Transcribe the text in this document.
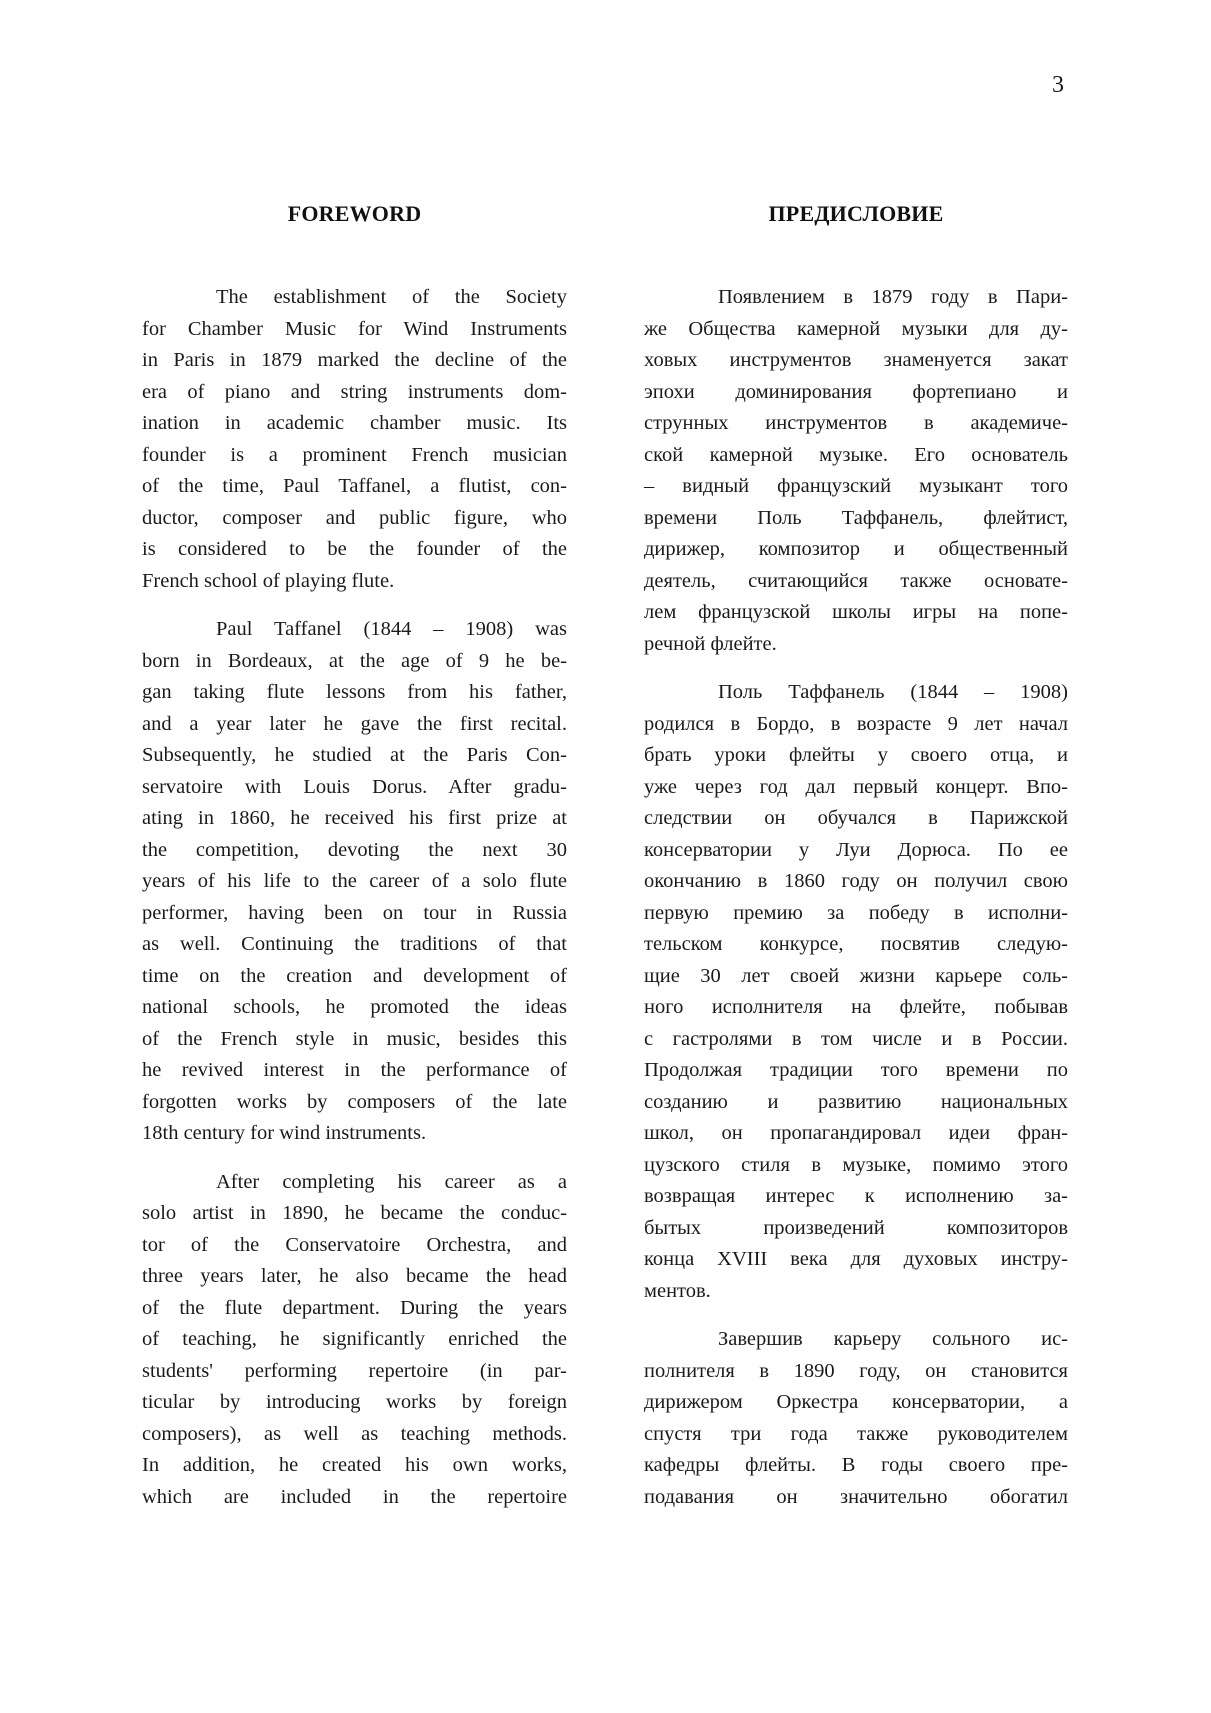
3
FOREWORD	ПРЕДИСЛОВИЕ
The establishment of the Society
for Chamber Music for Wind Instruments
in Paris in 1879 marked the decline of the
era of piano and string instruments dom-
ination in academic chamber music. Its
founder is a prominent French musician
of the time, Paul Taffanel, a flutist, con-
ductor, composer and public figure, who
is considered to be the founder of the
French school of playing flute.
Paul Taffanel (1844 – 1908) was
born in Bordeaux, at the age of 9 he be-
gan taking flute lessons from his father,
and a year later he gave the first recital.
Subsequently, he studied at the Paris Con-
servatoire with Louis Dorus. After gradu-
ating in 1860, he received his first prize at
the competition, devoting the next 30
years of his life to the career of a solo flute
performer, having been on tour in Russia
as well. Continuing the traditions of that
time on the creation and development of
national schools, he promoted the ideas
of the French style in music, besides this
he revived interest in the performance of
forgotten works by composers of the late
18th century for wind instruments.
After completing his career as a
solo artist in 1890, he became the conduc-
tor of the Conservatoire Orchestra, and
three years later, he also became the head
of the flute department. During the years
of teaching, he significantly enriched the
students' performing repertoire (in par-
ticular by introducing works by foreign
composers), as well as teaching methods.
In addition, he created his own works,
which are included in the repertoire
Появлением в 1879 году в Пари-
же Общества камерной музыки для ду-
ховых инструментов знаменуется закат
эпохи доминирования фортепиано и
струнных инструментов в академиче-
ской камерной музыке. Его основатель
– видный французский музыкант того
времени Поль Таффанель, флейтист,
дирижер, композитор и общественный
деятель, считающийся также основате-
лем французской школы игры на попе-
речной флейте.
Поль Таффанель (1844 – 1908)
родился в Бордо, в возрасте 9 лет начал
брать уроки флейты у своего отца, и
уже через год дал первый концерт. Впо-
следствии он обучался в Парижской
консерватории у Луи Дорюса. По ее
окончанию в 1860 году он получил свою
первую премию за победу в исполни-
тельском конкурсе, посвятив следую-
щие 30 лет своей жизни карьере соль-
ного исполнителя на флейте, побывав
с гастролями в том числе и в России.
Продолжая традиции того времени по
созданию и развитию национальных
школ, он пропагандировал идеи фран-
цузского стиля в музыке, помимо этого
возвращая интерес к исполнению за-
бытых произведений композиторов
конца XVIII века для духовых инстру-
ментов.
Завершив карьеру сольного ис-
полнителя в 1890 году, он становится
дирижером Оркестра консерватории, а
спустя три года также руководителем
кафедры флейты. В годы своего пре-
подавания он значительно обогатил
